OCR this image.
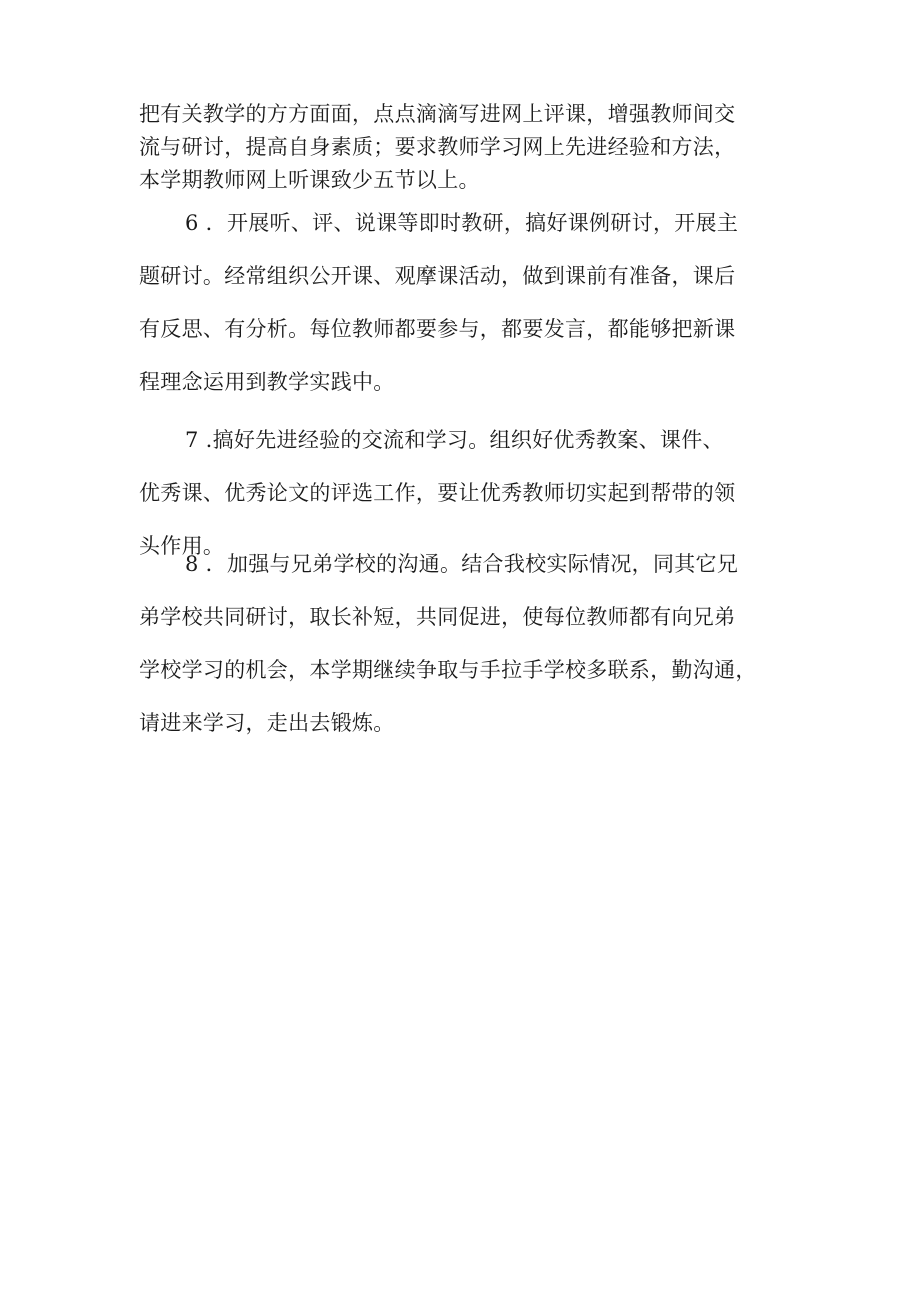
把有关教学的方方面面，点点滴滴写进网上评课，增强教师间交
流与研讨，提高自身素质；要求教师学习网上先进经验和方法，
本学期教师网上听课致少五节以上。
6 ．开展听、评、说课等即时教研，搞好课例研讨，开展主
题研讨。经常组织公开课、观摩课活动，做到课前有准备，课后
有反思、有分析。每位教师都要参与，都要发言，都能够把新课
程理念运用到教学实践中。
7 .搞好先进经验的交流和学习。组织好优秀教案、课件、
优秀课、优秀论文的评选工作，要让优秀教师切实起到帮带的领
头作用。
8 ．加强与兄弟学校的沟通。结合我校实际情况，同其它兄
弟学校共同研讨，取长补短，共同促进，使每位教师都有向兄弟
学校学习的机会，本学期继续争取与手拉手学校多联系，勤沟通，
请进来学习，走出去锻炼。
